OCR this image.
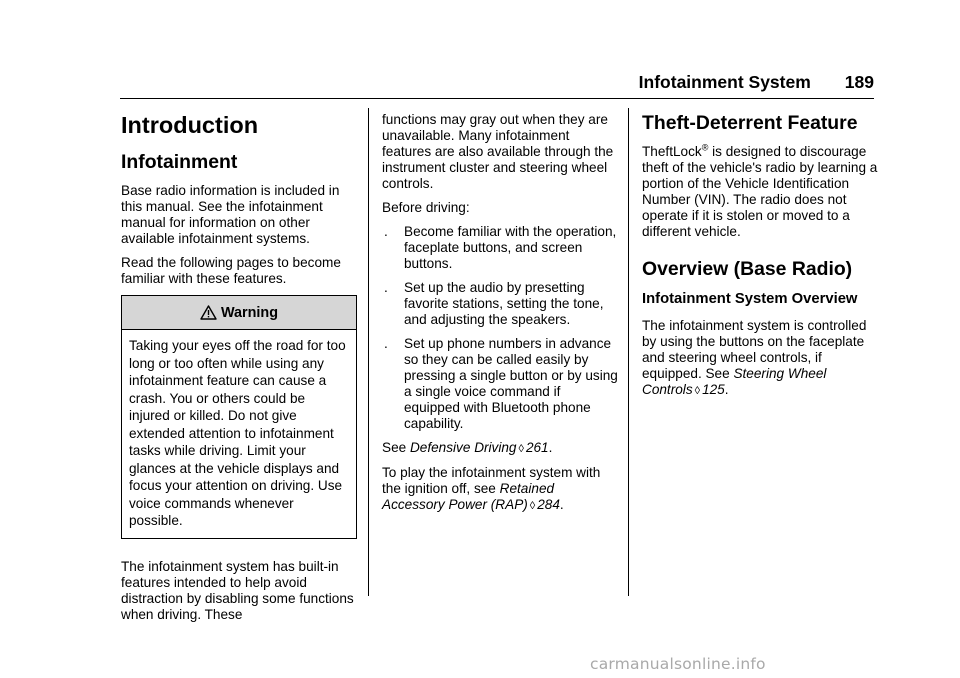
Infotainment System 189
Introduction
Infotainment

Base radio information is included in this manual. See the infotainment manual for information on other available infotainment systems.

Read the following pages to become familiar with these features.

Warning
Taking your eyes off the road for too long or too often while using any infotainment feature can cause a crash. You or others could be injured or killed. Do not give extended attention to infotainment tasks while driving. Limit your glances at the vehicle displays and focus your attention on driving. Use voice commands whenever possible.

The infotainment system has built-in features intended to help avoid distraction by disabling some functions when driving. These

functions may gray out when they are unavailable. Many infotainment features are also available through the instrument cluster and steering wheel controls.

Before driving:

. Become familiar with the operation, faceplate buttons, and screen buttons.
. Set up the audio by presetting favorite stations, setting the tone, and adjusting the speakers.
. Set up phone numbers in advance so they can be called easily by pressing a single button or by using a single voice command if equipped with Bluetooth phone capability.

See Defensive Driving ◊ 261.

To play the infotainment system with the ignition off, see Retained Accessory Power (RAP) ◊ 284.

Theft-Deterrent Feature

TheftLock® is designed to discourage theft of the vehicle's radio by learning a portion of the Vehicle Identification Number (VIN). The radio does not operate if it is stolen or moved to a different vehicle.

Overview (Base Radio)
Infotainment System Overview

The infotainment system is controlled by using the buttons on the faceplate and steering wheel controls, if equipped. See Steering Wheel Controls ◊ 125.

carmanualsonline.info
